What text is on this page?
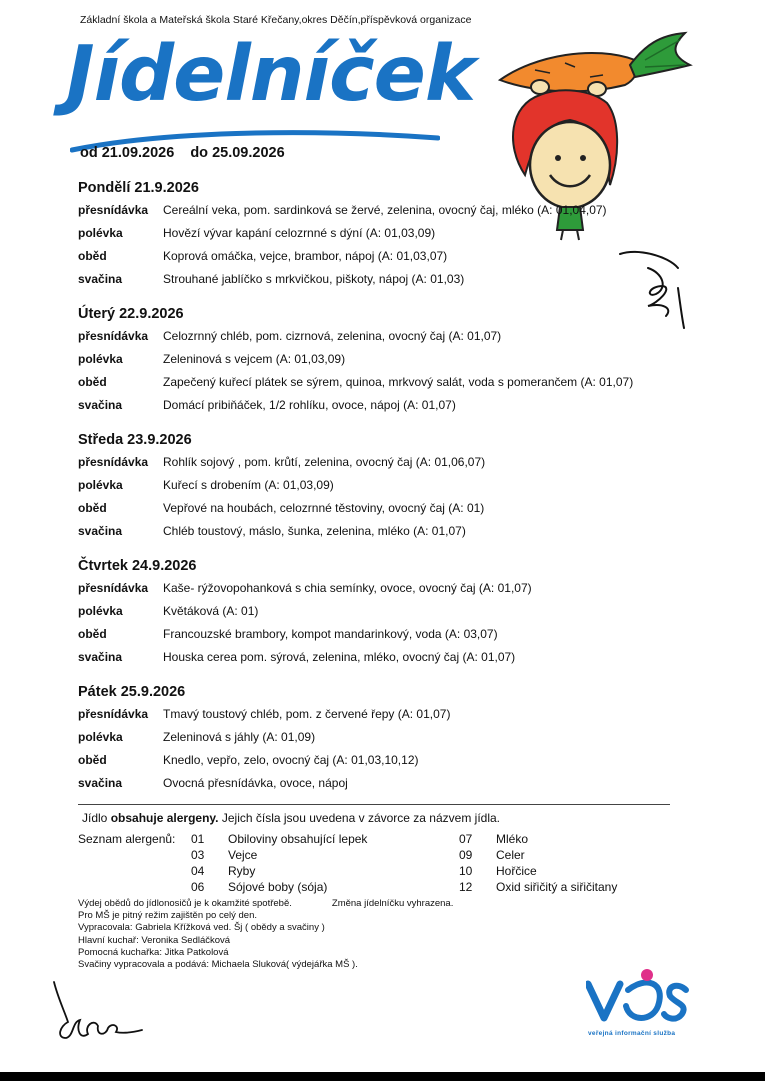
Základní škola a Mateřská škola Staré Křečany,okres Děčín,příspěvková organizace
Jídelníček
od 21.09.2026 do 25.09.2026
Pondělí 21.9.2026
přesnídávka	Cereální veka, pom. sardinková se žervé, zelenina, ovocný čaj, mléko (A: 01,04,07)
polévka	Hovězí vývar kapání celozrnné s dýní (A: 01,03,09)
oběd	Koprová omáčka, vejce, brambor, nápoj (A: 01,03,07)
svačina	Strouhané jablíčko s mrkvičkou, piškoty, nápoj (A: 01,03)
Úterý 22.9.2026
přesnídávka	Celozrnný chléb, pom. cizrnová, zelenina, ovocný čaj (A: 01,07)
polévka	Zeleninová s vejcem (A: 01,03,09)
oběd	Zapečený kuřecí plátek se sýrem, quinoa, mrkvový salát, voda s pomerančem (A: 01,07)
svačina	Domácí pribiňáček, 1/2 rohlíku, ovoce, nápoj (A: 01,07)
Středa 23.9.2026
přesnídávka	Rohlík sojový , pom. krůtí, zelenina, ovocný čaj (A: 01,06,07)
polévka	Kuřecí s drobením (A: 01,03,09)
oběd	Vepřové na houbách, celozrnné těstoviny, ovocný čaj (A: 01)
svačina	Chléb toustový, máslo, šunka, zelenina, mléko (A: 01,07)
Čtvrtek 24.9.2026
přesnídávka	Kaše- rýžovopohanková s chia semínky, ovoce, ovocný čaj (A: 01,07)
polévka	Květáková (A: 01)
oběd	Francouzské brambory, kompot mandarinkový, voda (A: 03,07)
svačina	Houska cerea pom. sýrová, zelenina, mléko, ovocný čaj (A: 01,07)
Pátek 25.9.2026
přesnídávka	Tmavý toustový chléb, pom. z červené řepy (A: 01,07)
polévka	Zeleninová s jáhly (A: 01,09)
oběd	Knedlo, vepřo, zelo, ovocný čaj (A: 01,03,10,12)
svačina	Ovocná přesnídávka, ovoce, nápoj
Jídlo obsahuje alergeny. Jejich čísla jsou uvedena v závorce za názvem jídla.
Seznam alergenů: 01	Obiloviny obsahující lepek
03	Vejce
04	Ryby
06	Sójové boby (sója)
07	Mléko
09	Celer
10	Hořčice
12	Oxid siřičitý a siřičitany
Výdej obědů do jídlonosičů je k okamžité spotřebě.	Změna jídelníčku vyhrazena.
Pro MŠ je pitný režim zajištěn po celý den.
Vypracovala: Gabriela Křížková ved. Šj ( obědy a svačiny )
Hlavní kuchař: Veronika Sedláčková
Pomocná kuchařka: Jitka Patkolová
Svačiny vypracovala a podává: Michaela Sluková( výdejářka MŠ ).
veřejná informační služba
